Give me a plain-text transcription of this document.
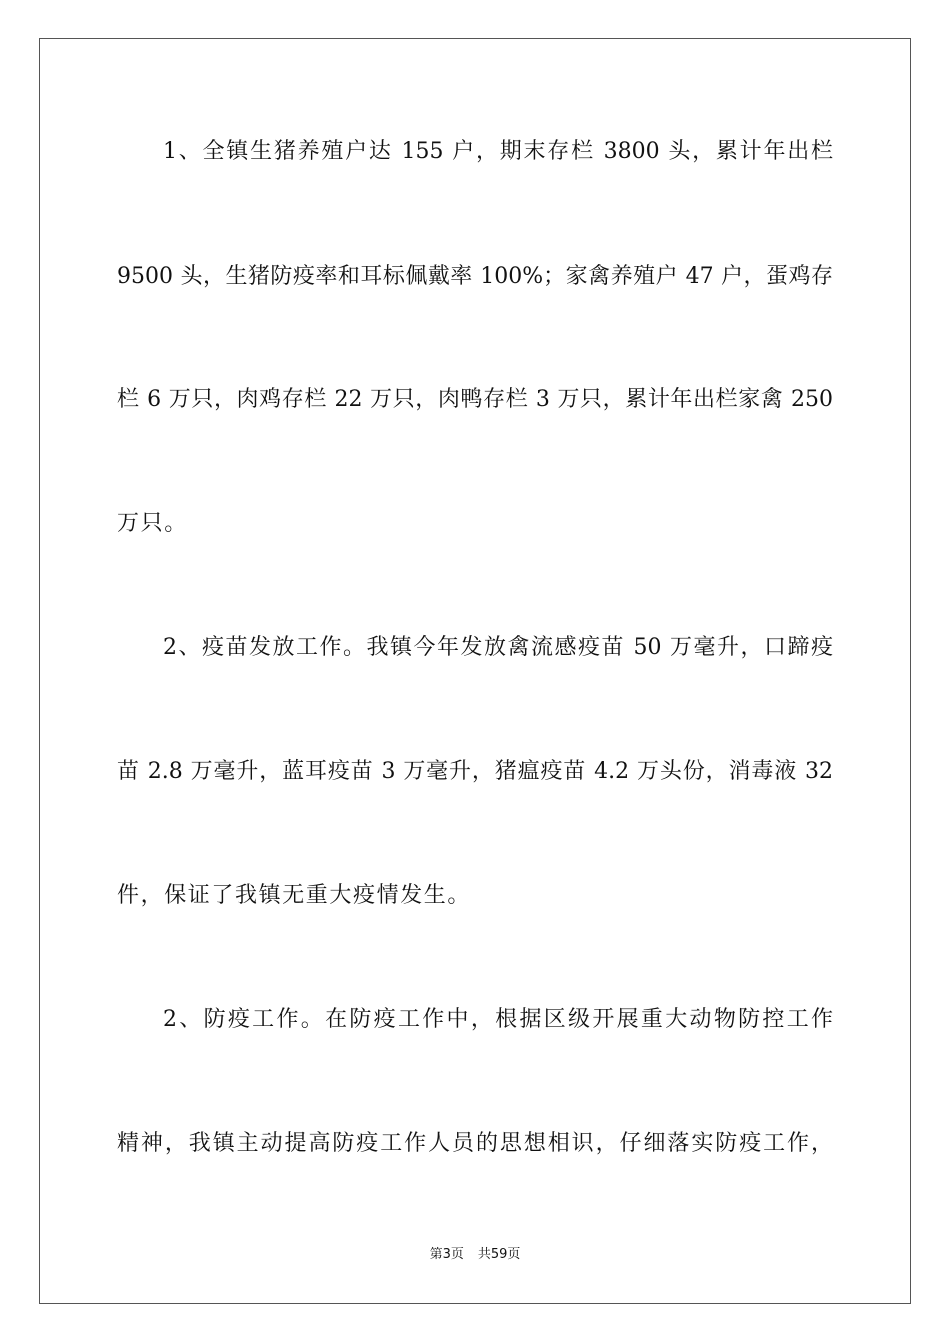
1、全镇生猪养殖户达 155 户，期末存栏 3800 头，累计年出栏
9500 头，生猪防疫率和耳标佩戴率 100%；家禽养殖户 47 户，蛋鸡存
栏 6 万只，肉鸡存栏 22 万只，肉鸭存栏 3 万只，累计年出栏家禽 250
万只。
2、疫苗发放工作。我镇今年发放禽流感疫苗 50 万毫升，口蹄疫
苗 2.8 万毫升，蓝耳疫苗 3 万毫升，猪瘟疫苗 4.2 万头份，消毒液 32
件，保证了我镇无重大疫情发生。
2、防疫工作。在防疫工作中，根据区级开展重大动物防控工作
精神，我镇主动提高防疫工作人员的思想相识，仔细落实防疫工作，
第3页 共59页
